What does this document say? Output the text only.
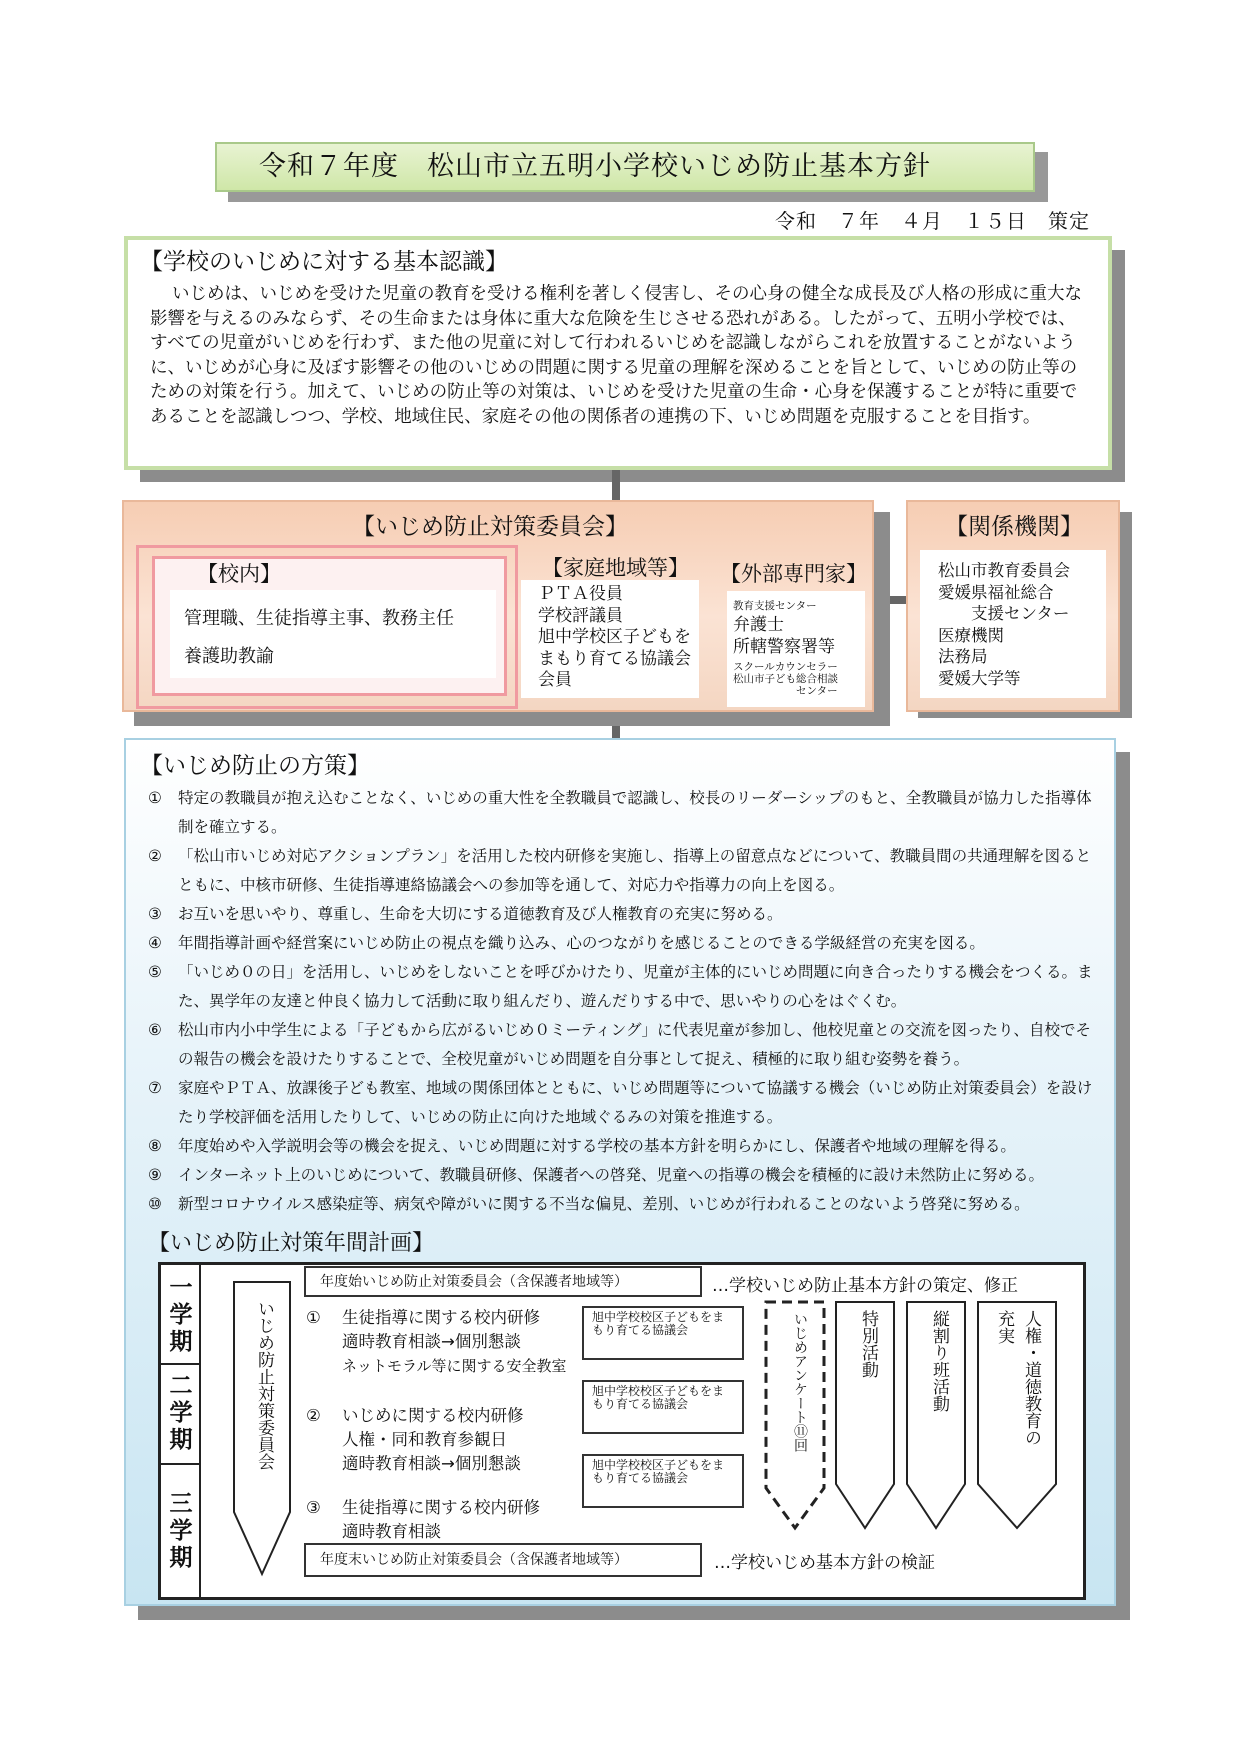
令和７年度　松山市立五明小学校いじめ防止基本方針
令和　７年　４月　１５日　策定
【学校のいじめに対する基本認識】
いじめは、いじめを受けた児童の教育を受ける権利を著しく侵害し、その心身の健全な成長及び人格の形成に重大な影響を与えるのみならず、その生命または身体に重大な危険を生じさせる恐れがある。したがって、五明小学校では、すべての児童がいじめを行わず、また他の児童に対して行われるいじめを認識しながらこれを放置することがないように、いじめが心身に及ぼす影響その他のいじめの問題に関する児童の理解を深めることを旨として、いじめの防止等のための対策を行う。加えて、いじめの防止等の対策は、いじめを受けた児童の生命・心身を保護することが特に重要であることを認識しつつ、学校、地域住民、家庭その他の関係者の連携の下、いじめ問題を克服することを目指す。
【いじめ防止対策委員会】
【校内】
管理職、生徒指導主事、教務主任
養護助教諭
【家庭地域等】
ＰＴＡ役員
学校評議員
旭中学校区子どもをまもり育てる協議会会員
【外部専門家】
教育支援センター
弁護士
所轄警察署等
スクールカウンセラー
松山市子ども総合相談
　　　　　　センター
【関係機関】
松山市教育委員会
愛媛県福祉総合
　　支援センター
医療機関
法務局
愛媛大学等
【いじめ防止の方策】
① 特定の教職員が抱え込むことなく、いじめの重大性を全教職員で認識し、校長のリーダーシップのもと、全教職員が協力した指導体制を確立する。
② 「松山市いじめ対応アクションプラン」を活用した校内研修を実施し、指導上の留意点などについて、教職員間の共通理解を図るとともに、中核市研修、生徒指導連絡協議会への参加等を通して、対応力や指導力の向上を図る。
③ お互いを思いやり、尊重し、生命を大切にする道徳教育及び人権教育の充実に努める。
④ 年間指導計画や経営案にいじめ防止の視点を織り込み、心のつながりを感じることのできる学級経営の充実を図る。
⑤ 「いじめ０の日」を活用し、いじめをしないことを呼びかけたり、児童が主体的にいじめ問題に向き合ったりする機会をつくる。また、異学年の友達と仲良く協力して活動に取り組んだり、遊んだりする中で、思いやりの心をはぐくむ。
⑥ 松山市内小中学生による「子どもから広がるいじめ０ミーティング」に代表児童が参加し、他校児童との交流を図ったり、自校でその報告の機会を設けたりすることで、全校児童がいじめ問題を自分事として捉え、積極的に取り組む姿勢を養う。
⑦ 家庭やＰＴＡ、放課後子ども教室、地域の関係団体とともに、いじめ問題等について協議する機会（いじめ防止対策委員会）を設けたり学校評価を活用したりして、いじめの防止に向けた地域ぐるみの対策を推進する。
⑧ 年度始めや入学説明会等の機会を捉え、いじめ問題に対する学校の基本方針を明らかにし、保護者や地域の理解を得る。
⑨ インターネット上のいじめについて、教職員研修、保護者への啓発、児童への指導の機会を積極的に設け未然防止に努める。
⑩ 新型コロナウイルス感染症等、病気や障がいに関する不当な偏見、差別、いじめが行われることのないよう啓発に努める。
【いじめ防止対策年間計画】
一学期
二学期
三学期
いじめ防止対策委員会
年度始いじめ防止対策委員会（含保護者地域等）	…学校いじめ防止基本方針の策定、修正
① 生徒指導に関する校内研修
適時教育相談→個別懇談
ネットモラル等に関する安全教室
② いじめに関する校内研修
人権・同和教育参観日
適時教育相談→個別懇談
③ 生徒指導に関する校内研修
適時教育相談
旭中学校校区子どもをまもり育てる協議会
旭中学校校区子どもをまもり育てる協議会
旭中学校校区子どもをまもり育てる協議会
いじめアンケート⑪回	特別活動	縦割り班活動	人権・道徳教育の充実
年度末いじめ防止対策委員会（含保護者地域等）	…学校いじめ基本方針の検証
